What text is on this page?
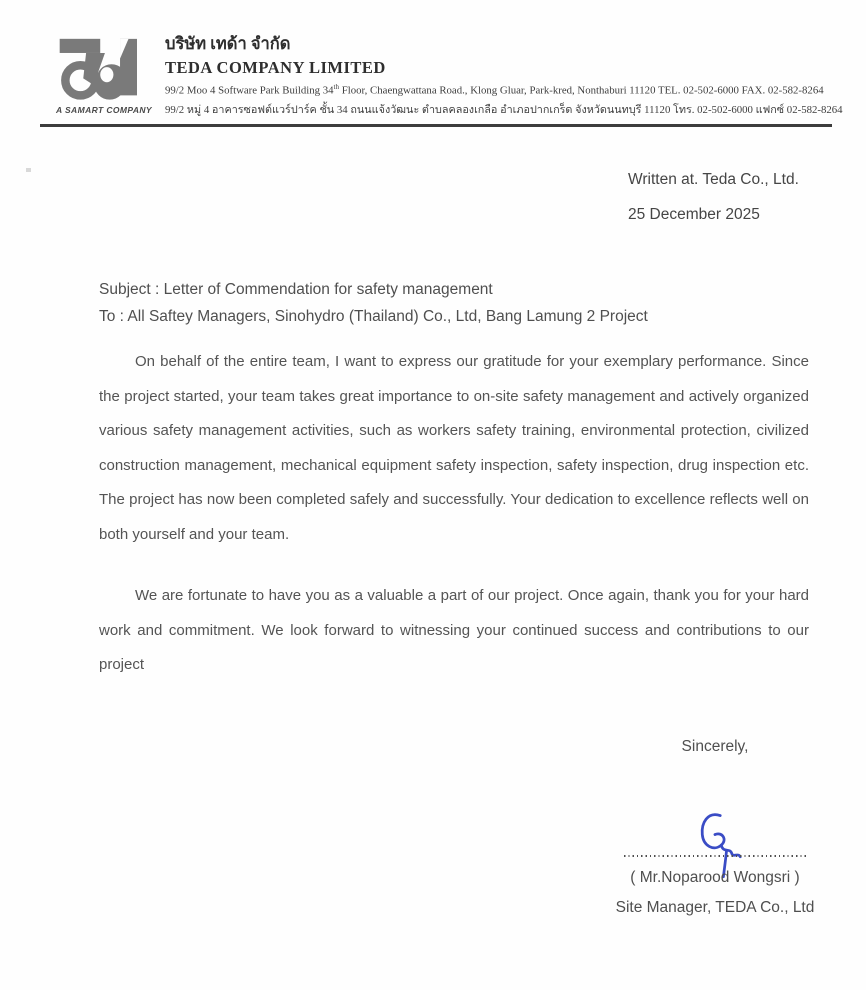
A SAMART COMPANY
บริษัท เทด้า จำกัด
TEDA COMPANY LIMITED
99/2 Moo 4 Software Park Building 34th Floor, Chaengwattana Road., Klong Gluar, Park-kred, Nonthaburi 11120 TEL. 02-502-6000 FAX. 02-582-8264
99/2 หมู่ 4 อาคารซอฟต์แวร์ปาร์ค ชั้น 34 ถนนแจ้งวัฒนะ ตำบลคลองเกลือ อำเภอปากเกร็ด จังหวัดนนทบุรี 11120 โทร. 02-502-6000 แฟกซ์ 02-582-8264
Written at. Teda Co., Ltd.
25 December 2025
Subject : Letter of Commendation for safety management
To : All Saftey Managers, Sinohydro (Thailand) Co., Ltd, Bang Lamung 2 Project

On behalf of the entire team, I want to express our gratitude for your exemplary performance. Since the project started, your team takes great importance to on-site safety management and actively organized various safety management activities, such as workers safety training, environmental protection, civilized construction management, mechanical equipment safety inspection, safety inspection, drug inspection etc. The project has now been completed safely and successfully. Your dedication to excellence reflects well on both yourself and your team.

We are fortunate to have you as a valuable a part of our project. Once again, thank you for your hard work and commitment. We look forward to witnessing your continued success and contributions to our project

Sincerely,
( Mr.Noparood Wongsri )
Site Manager, TEDA Co., Ltd
